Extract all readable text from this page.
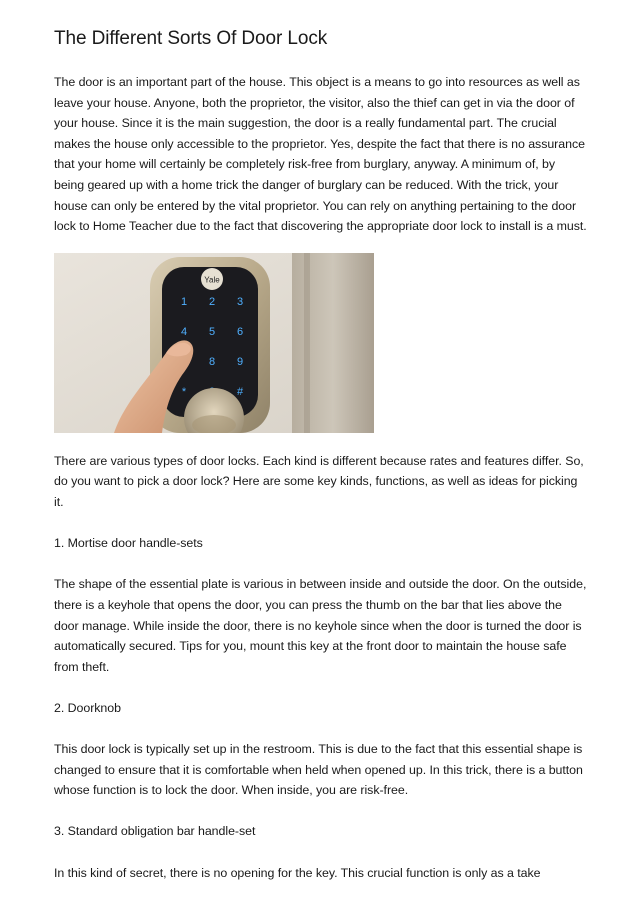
The Different Sorts Of Door Lock

The door is an important part of the house. This object is a means to go into resources as well as leave your house. Anyone, both the proprietor, the visitor, also the thief can get in via the door of your house. Since it is the main suggestion, the door is a really fundamental part. The crucial makes the house only accessible to the proprietor. Yes, despite the fact that there is no assurance that your home will certainly be completely risk-free from burglary, anyway. A minimum of, by being geared up with a home trick the danger of burglary can be reduced. With the trick, your house can only be entered by the vital proprietor. You can rely on anything pertaining to the door lock to Home Teacher due to the fact that discovering the appropriate door lock to install is a must.

Yale
1 2 3
4 5 6
8 9
*	#

There are various types of door locks. Each kind is different because rates and features differ. So, do you want to pick a door lock? Here are some key kinds, functions, as well as ideas for picking it.

1. Mortise door handle-sets

The shape of the essential plate is various in between inside and outside the door. On the outside, there is a keyhole that opens the door, you can press the thumb on the bar that lies above the door manage. While inside the door, there is no keyhole since when the door is turned the door is automatically secured. Tips for you, mount this key at the front door to maintain the house safe from theft.

2. Doorknob

This door lock is typically set up in the restroom. This is due to the fact that this essential shape is changed to ensure that it is comfortable when held when opened up. In this trick, there is a button whose function is to lock the door. When inside, you are risk-free.

3. Standard obligation bar handle-set

In this kind of secret, there is no opening for the key. This crucial function is only as a take
